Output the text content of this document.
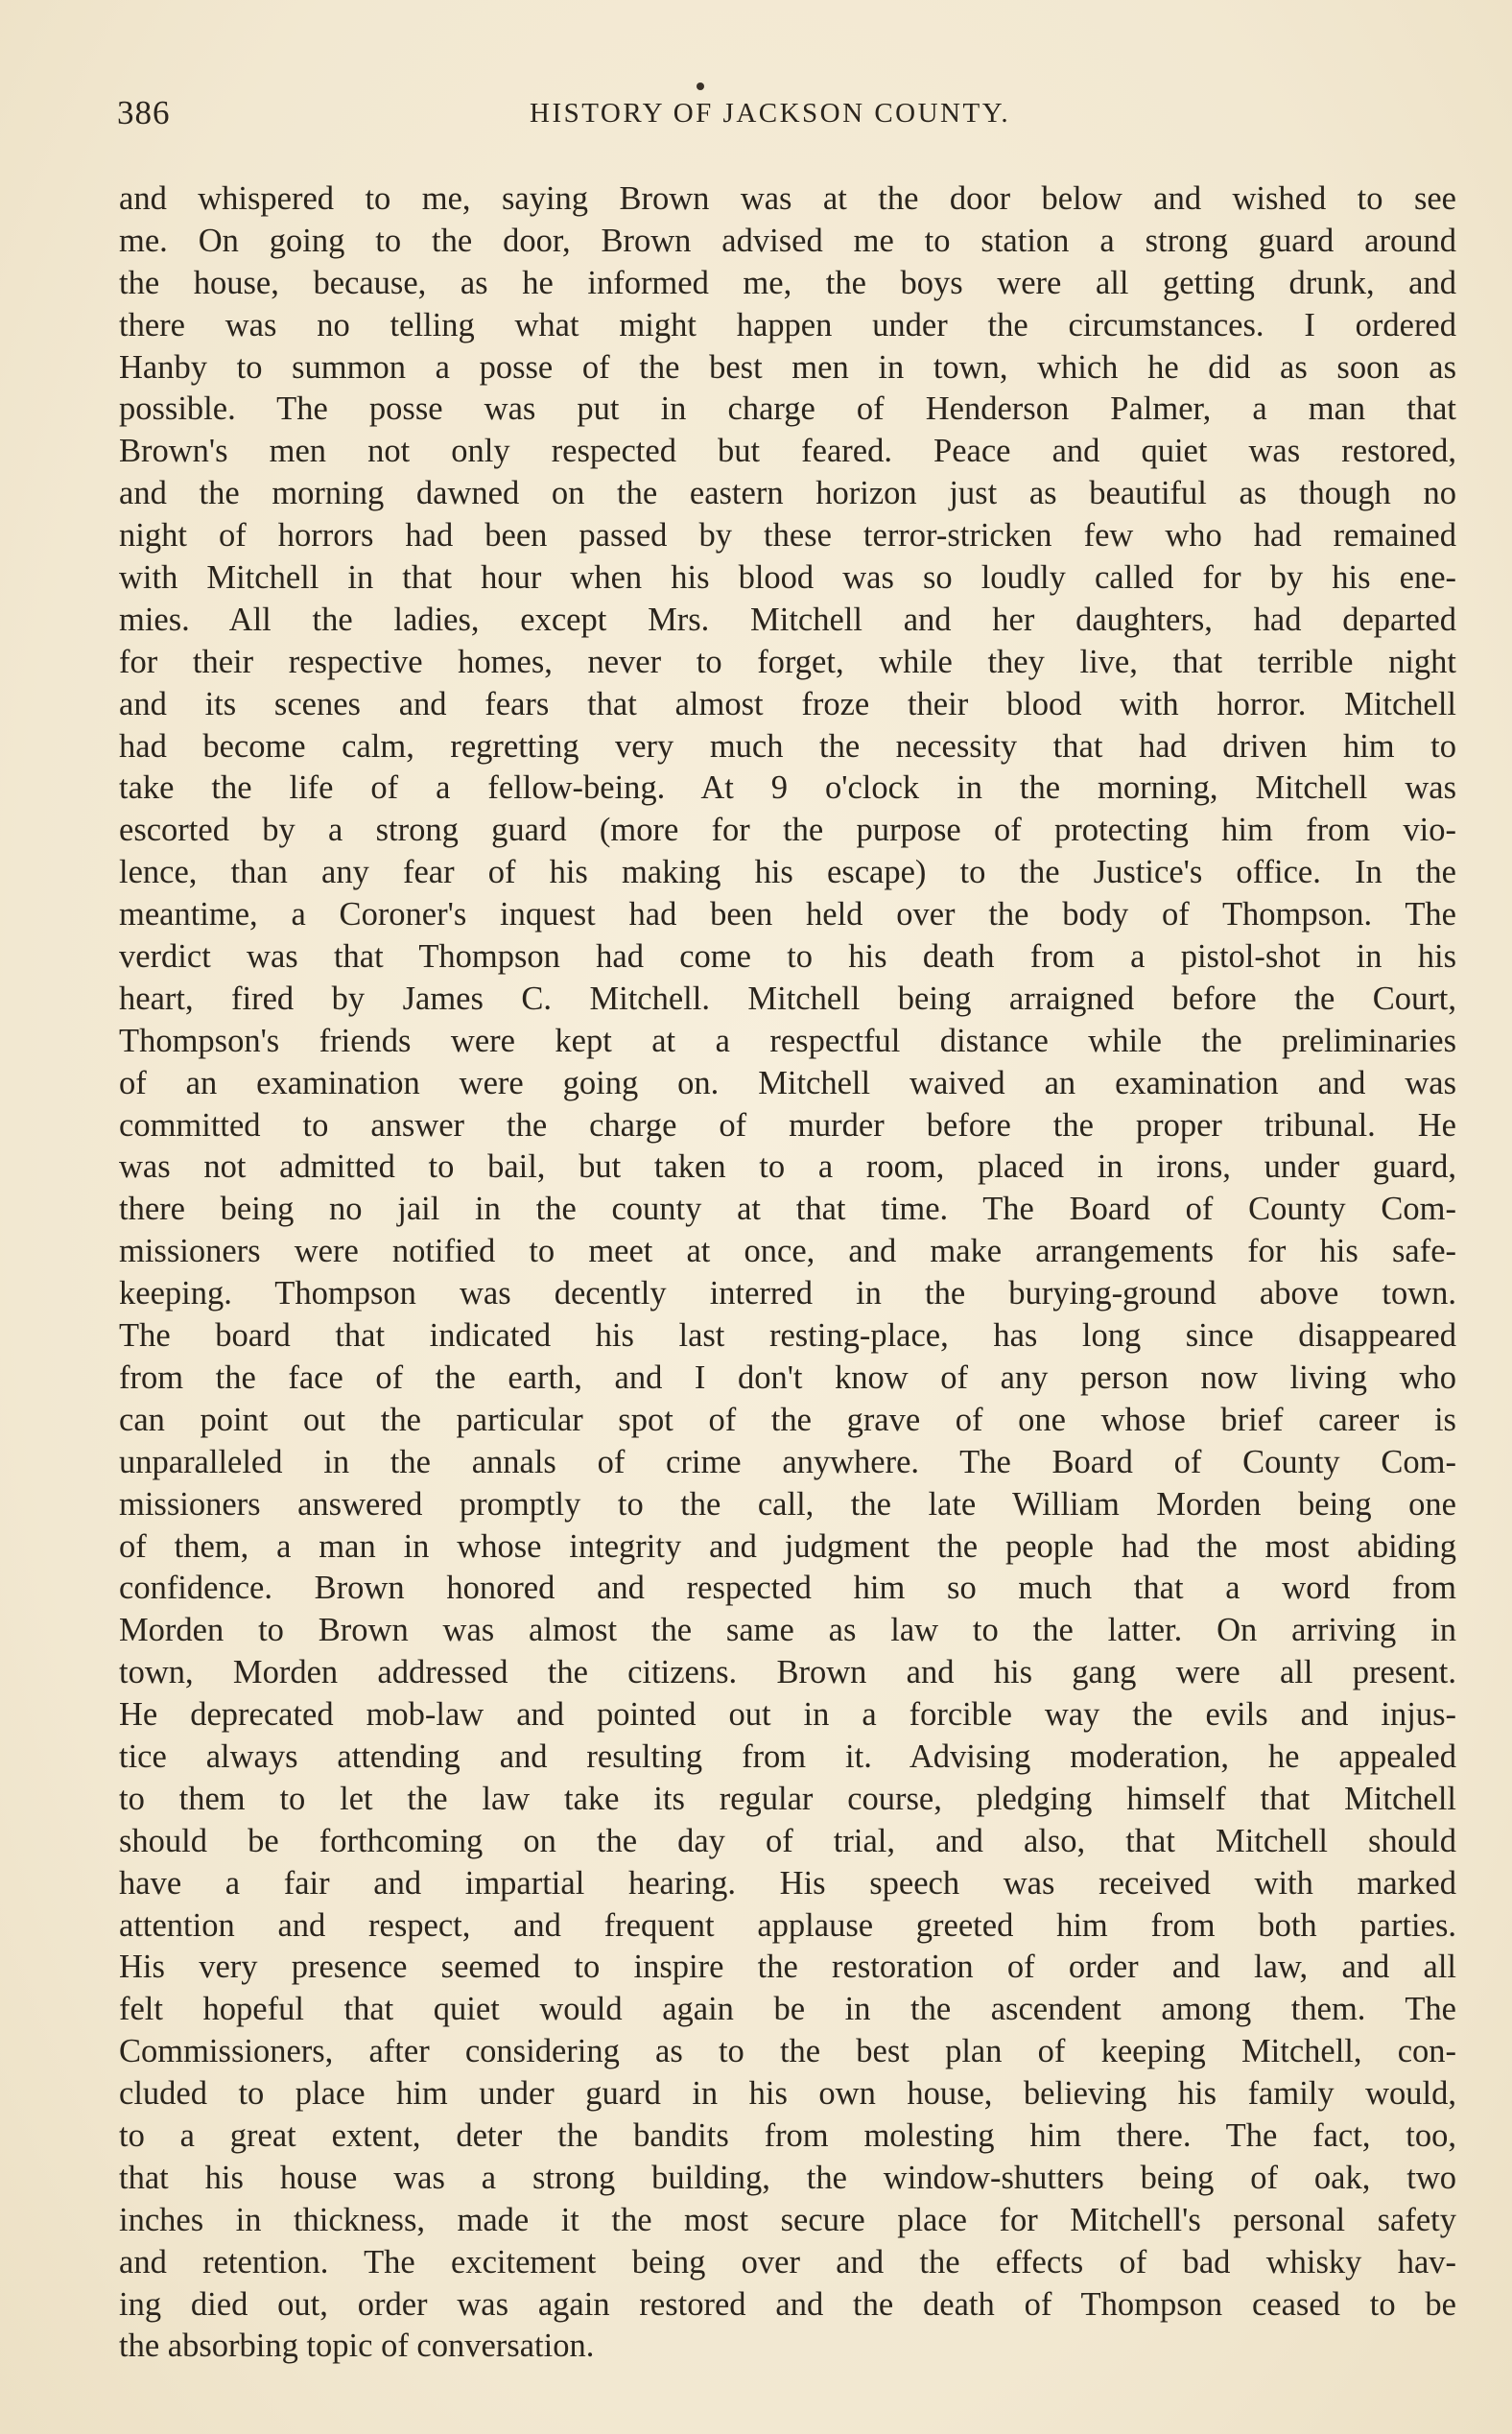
386	HISTORY OF JACKSON COUNTY.
and whispered to me, saying Brown was at the door below and wished to see
me. On going to the door, Brown advised me to station a strong guard around
the house, because, as he informed me, the boys were all getting drunk, and
there was no telling what might happen under the circumstances. I ordered
Hanby to summon a posse of the best men in town, which he did as soon as
possible. The posse was put in charge of Henderson Palmer, a man that
Brown's men not only respected but feared. Peace and quiet was restored,
and the morning dawned on the eastern horizon just as beautiful as though no
night of horrors had been passed by these terror-stricken few who had remained
with Mitchell in that hour when his blood was so loudly called for by his ene-
mies. All the ladies, except Mrs. Mitchell and her daughters, had departed
for their respective homes, never to forget, while they live, that terrible night
and its scenes and fears that almost froze their blood with horror. Mitchell
had become calm, regretting very much the necessity that had driven him to
take the life of a fellow-being. At 9 o'clock in the morning, Mitchell was
escorted by a strong guard (more for the purpose of protecting him from vio-
lence, than any fear of his making his escape) to the Justice's office. In the
meantime, a Coroner's inquest had been held over the body of Thompson. The
verdict was that Thompson had come to his death from a pistol-shot in his
heart, fired by James C. Mitchell. Mitchell being arraigned before the Court,
Thompson's friends were kept at a respectful distance while the preliminaries
of an examination were going on. Mitchell waived an examination and was
committed to answer the charge of murder before the proper tribunal. He
was not admitted to bail, but taken to a room, placed in irons, under guard,
there being no jail in the county at that time. The Board of County Com-
missioners were notified to meet at once, and make arrangements for his safe-
keeping. Thompson was decently interred in the burying-ground above town.
The board that indicated his last resting-place, has long since disappeared
from the face of the earth, and I don't know of any person now living who
can point out the particular spot of the grave of one whose brief career is
unparalleled in the annals of crime anywhere. The Board of County Com-
missioners answered promptly to the call, the late William Morden being one
of them, a man in whose integrity and judgment the people had the most abiding
confidence. Brown honored and respected him so much that a word from
Morden to Brown was almost the same as law to the latter. On arriving in
town, Morden addressed the citizens. Brown and his gang were all present.
He deprecated mob-law and pointed out in a forcible way the evils and injus-
tice always attending and resulting from it. Advising moderation, he appealed
to them to let the law take its regular course, pledging himself that Mitchell
should be forthcoming on the day of trial, and also, that Mitchell should
have a fair and impartial hearing. His speech was received with marked
attention and respect, and frequent applause greeted him from both parties.
His very presence seemed to inspire the restoration of order and law, and all
felt hopeful that quiet would again be in the ascendent among them. The
Commissioners, after considering as to the best plan of keeping Mitchell, con-
cluded to place him under guard in his own house, believing his family would,
to a great extent, deter the bandits from molesting him there. The fact, too,
that his house was a strong building, the window-shutters being of oak, two
inches in thickness, made it the most secure place for Mitchell's personal safety
and retention. The excitement being over and the effects of bad whisky hav-
ing died out, order was again restored and the death of Thompson ceased to be
the absorbing topic of conversation.
